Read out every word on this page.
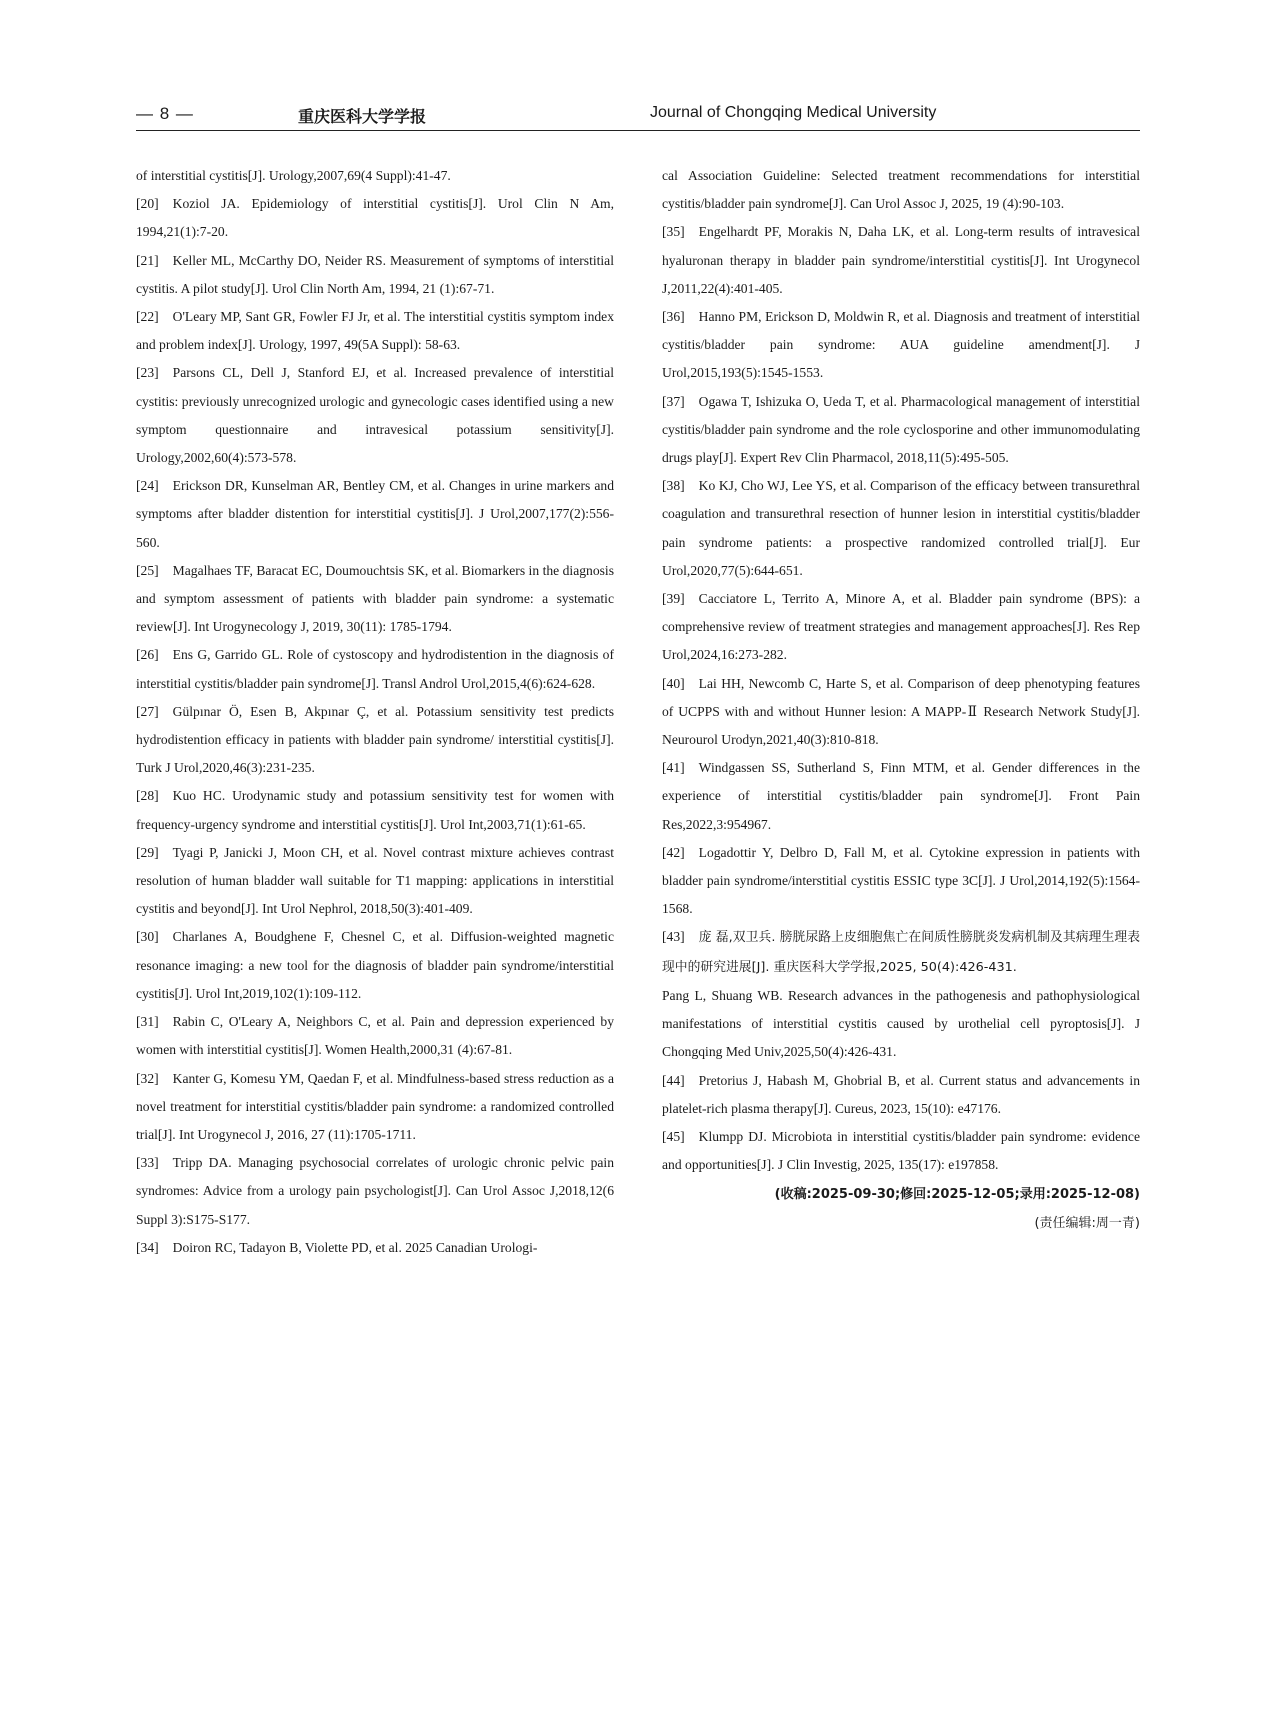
— 8 —	重庆医科大学学报	Journal of Chongqing Medical University

of interstitial cystitis[J]. Urology,2007,69(4 Suppl):41-47.

[20] Koziol JA. Epidemiology of interstitial cystitis[J]. Urol Clin N Am, 1994,21(1):7-20.

[21] Keller ML, McCarthy DO, Neider RS. Measurement of symptoms of interstitial cystitis. A pilot study[J]. Urol Clin North Am, 1994, 21 (1):67-71.

[22] O'Leary MP, Sant GR, Fowler FJ Jr, et al. The interstitial cystitis symptom index and problem index[J]. Urology, 1997, 49(5A Suppl): 58-63.

[23] Parsons CL, Dell J, Stanford EJ, et al. Increased prevalence of interstitial cystitis: previously unrecognized urologic and gynecologic cases identified using a new symptom questionnaire and intravesical potassium sensitivity[J]. Urology,2002,60(4):573-578.

[24] Erickson DR, Kunselman AR, Bentley CM, et al. Changes in urine markers and symptoms after bladder distention for interstitial cystitis[J]. J Urol,2007,177(2):556-560.

[25] Magalhaes TF, Baracat EC, Doumouchtsis SK, et al. Biomarkers in the diagnosis and symptom assessment of patients with bladder pain syndrome: a systematic review[J]. Int Urogynecology J, 2019, 30(11): 1785-1794.

[26] Ens G, Garrido GL. Role of cystoscopy and hydrodistention in the diagnosis of interstitial cystitis/bladder pain syndrome[J]. Transl Androl Urol,2015,4(6):624-628.

[27] Gülpınar Ö, Esen B, Akpınar Ç, et al. Potassium sensitivity test predicts hydrodistention efficacy in patients with bladder pain syndrome/ interstitial cystitis[J]. Turk J Urol,2020,46(3):231-235.

[28] Kuo HC. Urodynamic study and potassium sensitivity test for women with frequency-urgency syndrome and interstitial cystitis[J]. Urol Int,2003,71(1):61-65.

[29] Tyagi P, Janicki J, Moon CH, et al. Novel contrast mixture achieves contrast resolution of human bladder wall suitable for T1 mapping: applications in interstitial cystitis and beyond[J]. Int Urol Nephrol, 2018,50(3):401-409.

[30] Charlanes A, Boudghene F, Chesnel C, et al. Diffusion-weighted magnetic resonance imaging: a new tool for the diagnosis of bladder pain syndrome/interstitial cystitis[J]. Urol Int,2019,102(1):109-112.

[31] Rabin C, O'Leary A, Neighbors C, et al. Pain and depression experienced by women with interstitial cystitis[J]. Women Health,2000,31 (4):67-81.

[32] Kanter G, Komesu YM, Qaedan F, et al. Mindfulness-based stress reduction as a novel treatment for interstitial cystitis/bladder pain syndrome: a randomized controlled trial[J]. Int Urogynecol J, 2016, 27 (11):1705-1711.

[33] Tripp DA. Managing psychosocial correlates of urologic chronic pelvic pain syndromes: Advice from a urology pain psychologist[J]. Can Urol Assoc J,2018,12(6 Suppl 3):S175-S177.

[34] Doiron RC, Tadayon B, Violette PD, et al. 2025 Canadian Urologi-

cal Association Guideline: Selected treatment recommendations for interstitial cystitis/bladder pain syndrome[J]. Can Urol Assoc J, 2025, 19 (4):90-103.

[35] Engelhardt PF, Morakis N, Daha LK, et al. Long-term results of intravesical hyaluronan therapy in bladder pain syndrome/interstitial cystitis[J]. Int Urogynecol J,2011,22(4):401-405.

[36] Hanno PM, Erickson D, Moldwin R, et al. Diagnosis and treatment of interstitial cystitis/bladder pain syndrome: AUA guideline amendment[J]. J Urol,2015,193(5):1545-1553.

[37] Ogawa T, Ishizuka O, Ueda T, et al. Pharmacological management of interstitial cystitis/bladder pain syndrome and the role cyclosporine and other immunomodulating drugs play[J]. Expert Rev Clin Pharmacol, 2018,11(5):495-505.

[38] Ko KJ, Cho WJ, Lee YS, et al. Comparison of the efficacy between transurethral coagulation and transurethral resection of hunner lesion in interstitial cystitis/bladder pain syndrome patients: a prospective randomized controlled trial[J]. Eur Urol,2020,77(5):644-651.

[39] Cacciatore L, Territo A, Minore A, et al. Bladder pain syndrome (BPS): a comprehensive review of treatment strategies and management approaches[J]. Res Rep Urol,2024,16:273-282.

[40] Lai HH, Newcomb C, Harte S, et al. Comparison of deep phenotyping features of UCPPS with and without Hunner lesion: A MAPP-Ⅱ Research Network Study[J]. Neurourol Urodyn,2021,40(3):810-818.

[41] Windgassen SS, Sutherland S, Finn MTM, et al. Gender differences in the experience of interstitial cystitis/bladder pain syndrome[J]. Front Pain Res,2022,3:954967.

[42] Logadottir Y, Delbro D, Fall M, et al. Cytokine expression in patients with bladder pain syndrome/interstitial cystitis ESSIC type 3C[J]. J Urol,2014,192(5):1564-1568.

[43] 庞 磊,双卫兵. 膀胱尿路上皮细胞焦亡在间质性膀胱炎发病机制及其病理生理表现中的研究进展[J]. 重庆医科大学学报,2025, 50(4):426-431.

Pang L, Shuang WB. Research advances in the pathogenesis and pathophysiological manifestations of interstitial cystitis caused by urothelial cell pyroptosis[J]. J Chongqing Med Univ,2025,50(4):426-431.

[44] Pretorius J, Habash M, Ghobrial B, et al. Current status and advancements in platelet-rich plasma therapy[J]. Cureus, 2023, 15(10): e47176.

[45] Klumpp DJ. Microbiota in interstitial cystitis/bladder pain syndrome: evidence and opportunities[J]. J Clin Investig, 2025, 135(17): e197858.

(收稿:2025-09-30;修回:2025-12-05;录用:2025-12-08)
(责任编辑:周一青)
